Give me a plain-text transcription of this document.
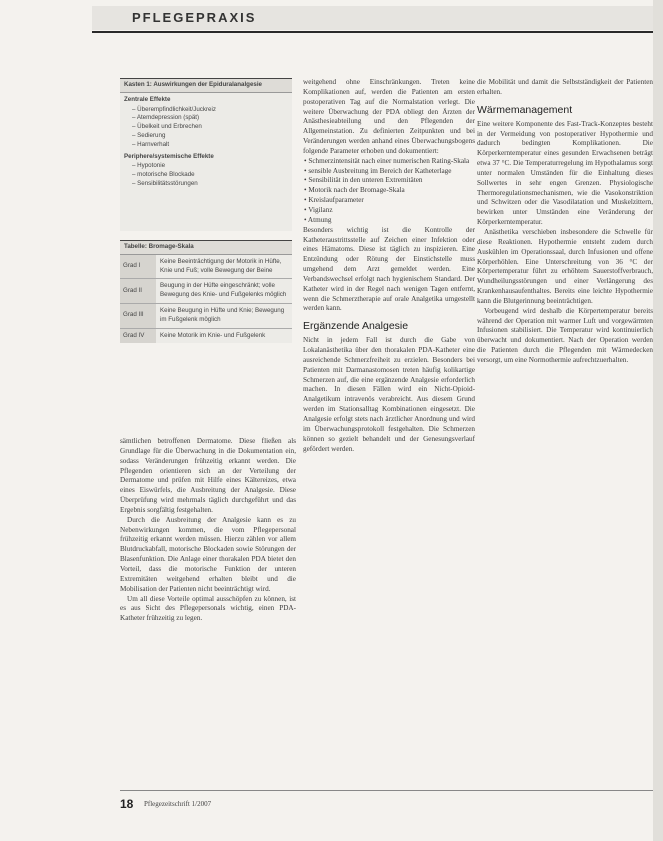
PFLEGEPRAXIS
Kasten 1: Auswirkungen der Epiduralanalgesie
Zentrale Effekte
– Überempfindlichkeit/Juckreiz
– Atemdepression (spät)
– Übelkeit und Erbrechen
– Sedierung
– Harnverhalt
Periphere/systemische Effekte
– Hypotonie
– motorische Blockade
– Sensibilitätsstörungen
Tabelle: Bromage-Skala
Grad I
Keine Beeinträchtigung der Motorik in Hüfte, Knie und Fuß; volle Bewegung der Beine
Grad II
Beugung in der Hüfte eingeschränkt; volle Bewegung des Knie- und Fußgelenks möglich
Grad III
Keine Beugung in Hüfte und Knie; Bewegung im Fußgelenk möglich
Grad IV	Keine Motorik im Knie- und Fußgelenk

sämtlichen betroffenen Dermatome. Diese fließen als Grundlage für die Überwachung in die Dokumentation ein, sodass Veränderungen frühzeitig erkannt werden. Die Pflegenden orientieren sich an der Verteilung der Dermatome und prüfen mit Hilfe eines Kältereizes, etwa eines Eiswürfels, die Ausbreitung der Analgesie. Diese Überprüfung wird mehrmals täglich durchgeführt und das Ergebnis sorgfältig festgehalten.

Durch die Ausbreitung der Analgesie kann es zu Nebenwirkungen kommen, die vom Pflegepersonal frühzeitig erkannt werden müssen. Hierzu zählen vor allem Blutdruckabfall, motorische Blockaden sowie Störungen der Blasenfunktion. Die Anlage einer thorakalen PDA bietet den Vorteil, dass die motorische Funktion der unteren Extremitäten weitgehend erhalten bleibt und die Mobilisation der Patienten nicht beeinträchtigt wird.

Um all diese Vorteile optimal ausschöpfen zu können, ist es aus Sicht des Pflegepersonals wichtig, einen PDA-Katheter frühzeitig zu legen.

weitgehend ohne Einschränkungen. Treten keine Komplikationen auf, werden die Patienten am ersten postoperativen Tag auf die Normalstation verlegt. Die weitere Überwachung der PDA obliegt den Ärzten der Anästhesieabteilung und den Pflegenden der Allgemeinstation. Zu definierten Zeitpunkten und bei Veränderungen werden anhand eines Überwachungsbogens folgende Parameter erhoben und dokumentiert:

• Schmerzintensität nach einer numerischen Rating-Skala
• sensible Ausbreitung im Bereich der Katheterlage
• Sensibilität in den unteren Extremitäten
• Motorik nach der Bromage-Skala
• Kreislaufparameter
• Vigilanz
• Atmung

Besonders wichtig ist die Kontrolle der Katheteraustrittsstelle auf Zeichen einer Infektion oder eines Hämatoms. Diese ist täglich zu inspizieren. Eine Entzündung oder Rötung der Einstichstelle muss umgehend dem Arzt gemeldet werden. Eine Verbandswechsel erfolgt nach hygienischem Standard. Der Katheter wird in der Regel nach wenigen Tagen entfernt, wenn die Schmerztherapie auf orale Analgetika umgestellt werden kann.

Ergänzende Analgesie

Nicht in jedem Fall ist durch die Gabe von Lokalanästhetika über den thorakalen PDA-Katheter eine ausreichende Schmerzfreiheit zu erzielen. Besonders bei Patienten mit Darmanastomosen treten häufig kolikartige Schmerzen auf, die eine ergänzende Analgesie erforderlich machen. In diesen Fällen wird ein Nicht-Opioid-Analgetikum intravenös verabreicht. Aus diesem Grund werden im Stationsalltag Kombinationen eingesetzt. Die Analgesie erfolgt stets nach ärztlicher Anordnung und wird im Überwachungsprotokoll festgehalten. Die Schmerzen können so gezielt behandelt und der Genesungsverlauf gefördert werden.

die Mobilität und damit die Selbstständigkeit der Patienten erhalten.

Wärmemanagement

Eine weitere Komponente des Fast-Track-Konzeptes besteht in der Vermeidung von postoperativer Hypothermie und dadurch bedingten Komplikationen. Die Körperkerntemperatur eines gesunden Erwachsenen beträgt etwa 37 °C. Die Temperaturregelung im Hypothalamus sorgt unter normalen Umständen für die Einhaltung dieses Sollwertes in sehr engen Grenzen. Physiologische Thermoregulationsmechanismen, wie die Vasokonstriktion und Schwitzen oder die Vasodilatation und Muskelzittern, bewirken unter Umständen eine Veränderung der Körperkerntemperatur.

Anästhetika verschieben insbesondere die Schwelle für diese Reaktionen. Hypothermie entsteht zudem durch Auskühlen im Operationssaal, durch Infusionen und offene Körperhöhlen. Eine Unterschreitung von 36 °C der Körpertemperatur führt zu erhöhtem Sauerstoffverbrauch, Wundheilungsstörungen und einer Verlängerung des Krankenhausaufenthaltes. Bereits eine leichte Hypothermie kann die Blutgerinnung beeinträchtigen.

Vorbeugend wird deshalb die Körpertemperatur bereits während der Operation mit warmer Luft und vorgewärmten Infusionen stabilisiert. Die Temperatur wird kontinuierlich überwacht und dokumentiert. Nach der Operation werden die Patienten durch die Pflegenden mit Wärmedecken versorgt, um eine Normothermie aufrechtzuerhalten.

18 Pflegezeitschrift 1/2007
